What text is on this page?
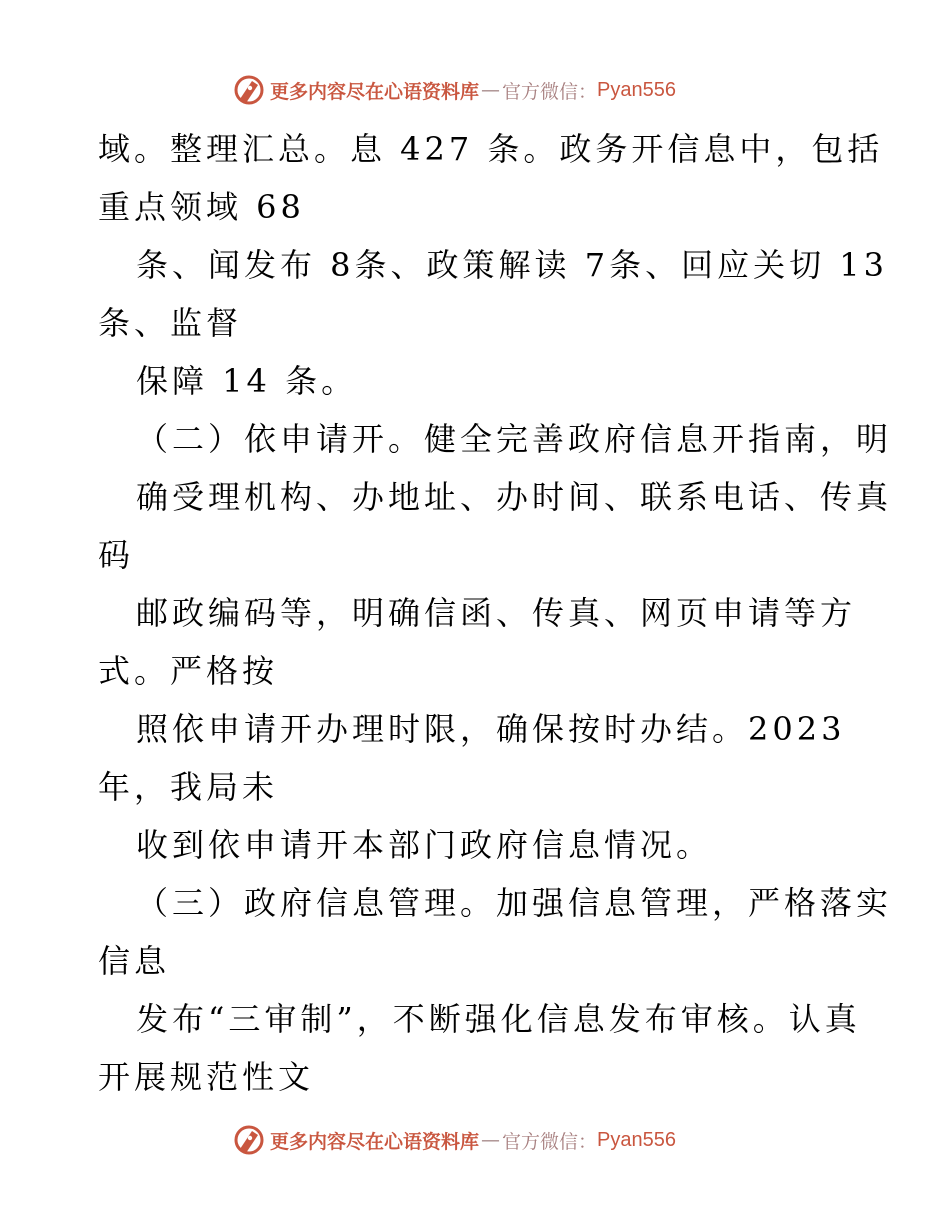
更多内容尽在心语资料库 — 官方微信： Pyan556
域。整理汇总。息 427 条。政务开信息中，包括
重点领域 68
条、闻发布 8条、政策解读 7条、回应关切 13
条、监督
保障 14 条。
（二）依申请开。健全完善政府信息开指南，明
确受理机构、办地址、办时间、联系电话、传真
码
邮政编码等，明确信函、传真、网页申请等方
式。严格按
照依申请开办理时限，确保按时办结。2023
年，我局未
收到依申请开本部门政府信息情况。
（三）政府信息管理。加强信息管理，严格落实
信息
发布“三审制”，不断强化信息发布审核。认真
开展规范性文
更多内容尽在心语资料库 — 官方微信： Pyan556
